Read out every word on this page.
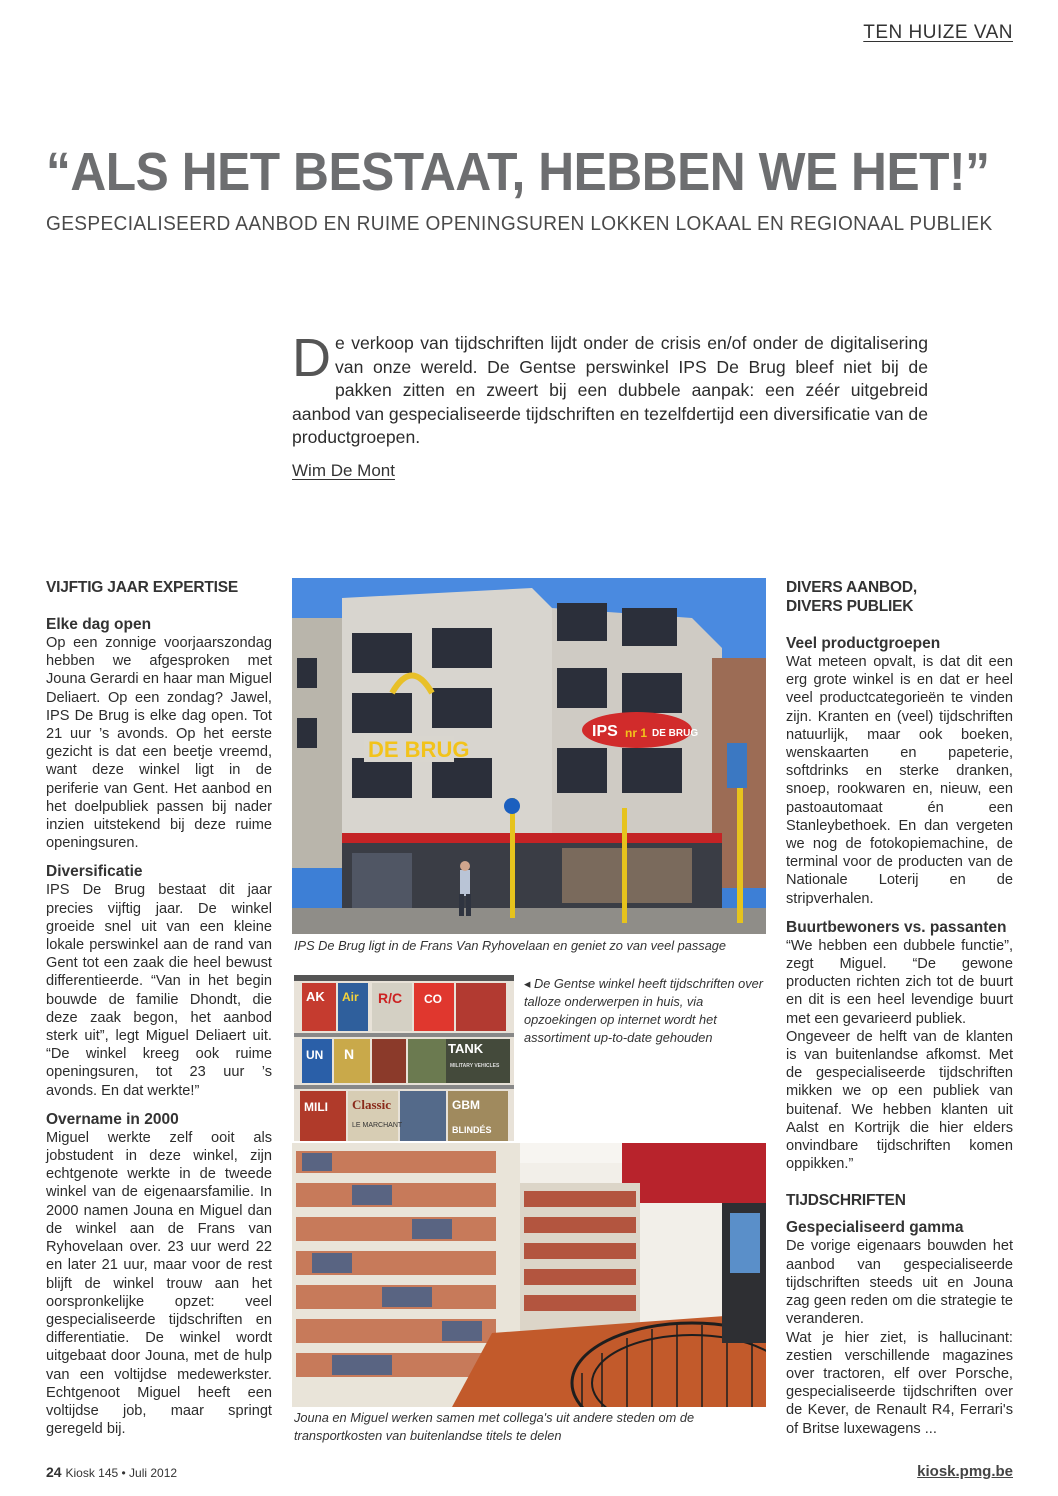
TEN HUIZE VAN
“ALS HET BESTAAT, HEBBEN WE HET!”
GESPECIALISEERD AANBOD EN RUIME OPENINGSUREN LOKKEN LOKAAL EN REGIONAAL PUBLIEK
D e verkoop van tijdschriften lijdt onder de crisis en/of onder de digitalisering van onze wereld. De Gentse perswinkel IPS De Brug bleef niet bij de pakken zitten en zweert bij een dubbele aanpak: een zéér uitgebreid aanbod van gespecialiseerde tijdschriften en tezelfdertijd een diversificatie van de productgroepen.
Wim De Mont
VIJFTIG JAAR EXPERTISE
Elke dag open

Op een zonnige voorjaarszondag hebben we afgesproken met Jouna Gerardi en haar man Miguel Deliaert. Op een zondag? Jawel, IPS De Brug is elke dag open. Tot 21 uur ’s avonds. Op het eerste gezicht is dat een beetje vreemd, want deze winkel ligt in de periferie van Gent. Het aanbod en het doelpubliek passen bij nader inzien uitstekend bij deze ruime openingsuren.

Diversificatie

IPS De Brug bestaat dit jaar precies vijftig jaar. De winkel groeide snel uit van een kleine lokale perswinkel aan de rand van Gent tot een zaak die heel bewust differentieerde. “Van in het begin bouwde de familie Dhondt, die deze zaak begon, het aanbod sterk uit”, legt Miguel Deliaert uit. “De winkel kreeg ook ruime openingsuren, tot 23 uur ’s avonds. En dat werkte!”

Overname in 2000

Miguel werkte zelf ooit als jobstudent in deze winkel, zijn echtgenote werkte in de tweede winkel van de eigenaarsfamilie. In 2000 namen Jouna en Miguel dan de winkel aan de Frans van Ryhovelaan over. 23 uur werd 22 en later 21 uur, maar voor de rest blijft de winkel trouw aan het oorspronkelijke opzet: veel gespecialiseerde tijdschriften en differentiatie. De winkel wordt uitgebaat door Jouna, met de hulp van een voltijdse medewerkster. Echtgenoot Miguel heeft een voltijdse job, maar springt geregeld bij.

DE BRUG
IPS nr 1 DE BRUG
IPS De Brug ligt in de Frans Van Ryhovelaan en geniet zo van veel passage
AK Air R/C CO
UN N	TANK
MILITARY VEHICLES
MILI Classic	GBM
LE MARCHANT	BLINDÉS
◂ De Gentse winkel heeft tijdschriften over talloze onderwerpen in huis, via opzoekingen op internet wordt het assortiment up-to-date gehouden
Jouna en Miguel werken samen met collega's uit andere steden om de transportkosten van buitenlandse titels te delen
DIVERS AANBOD,
DIVERS PUBLIEK
Veel productgroepen

Wat meteen opvalt, is dat dit een erg grote winkel is en dat er heel veel productcategorieën te vinden zijn. Kranten en (veel) tijdschriften natuurlijk, maar ook boeken, wenskaarten en papeterie, softdrinks en sterke dranken, snoep, rookwaren en, nieuw, een pastoautomaat én een Stanleybethoek. En dan vergeten we nog de fotokopiemachine, de terminal voor de producten van de Nationale Loterij en de stripverhalen.

Buurtbewoners vs. passanten

“We hebben een dubbele functie”, zegt Miguel. “De gewone producten richten zich tot de buurt en dit is een heel levendige buurt met een gevarieerd publiek.

Ongeveer de helft van de klanten is van buitenlandse afkomst. Met de gespecialiseerde tijdschriften mikken we op een publiek van buitenaf. We hebben klanten uit Aalst en Kortrijk die hier elders onvindbare tijdschriften komen oppikken.”

TIJDSCHRIFTEN
Gespecialiseerd gamma

De vorige eigenaars bouwden het aanbod van gespecialiseerde tijdschriften steeds uit en Jouna zag geen reden om die strategie te veranderen.

Wat je hier ziet, is hallucinant: zestien verschillende magazines over tractoren, elf over Porsche, gespecialiseerde tijdschriften over de Kever, de Renault R4, Ferrari's of Britse luxewagens ...

24 Kiosk 145 • Juli 2012	kiosk.pmg.be
